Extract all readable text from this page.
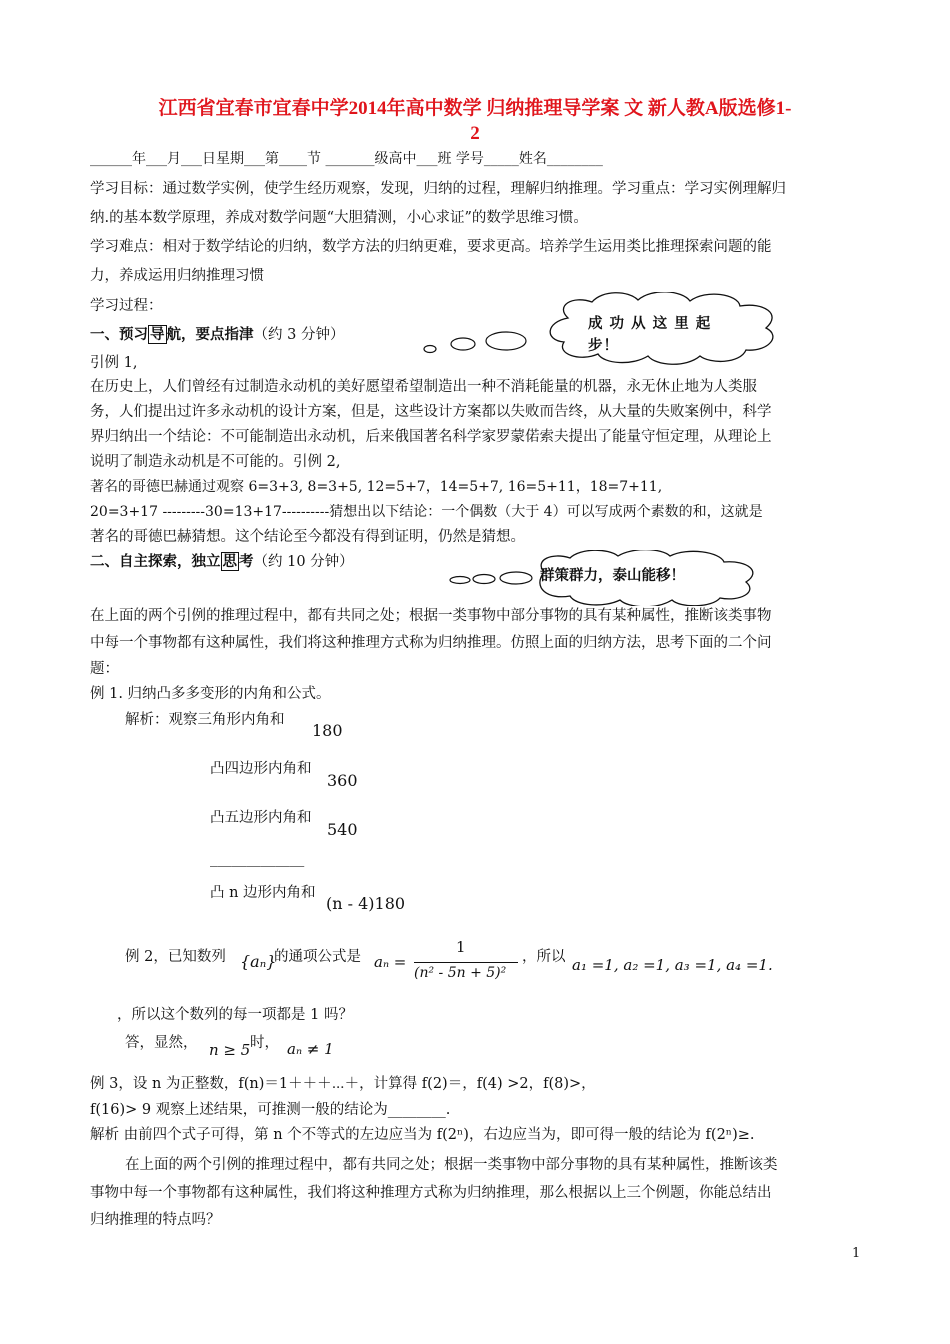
江西省宜春市宜春中学2014年高中数学 归纳推理导学案 文 新人教A版选修1-
2
______年___月___日星期___第____节 _______级高中___班 学号_____姓名________
学习目标：通过数学实例，使学生经历观察，发现，归纳的过程，理解归纳推理。学习重点：学习实例理解归
纳.的基本数学原理，养成对数学问题“大胆猜测，小心求证”的数学思维习惯。
学习难点：相对于数学结论的归纳，数学方法的归纳更难，要求更高。培养学生运用类比推理探索问题的能
力，养成运用归纳推理习惯
学习过程：
一、预习 导 航，要点指津（约 3 分钟）
成 功 从 这 里 起 步！
引例 1,
在历史上，人们曾经有过制造永动机的美好愿望希望制造出一种不消耗能量的机器，永无休止地为人类服
务，人们提出过许多永动机的设计方案，但是，这些设计方案都以失败而告终，从大量的失败案例中，科学
界归纳出一个结论：不可能制造出永动机，后来俄国著名科学家罗蒙偌索夫提出了能量守恒定理，从理论上
说明了制造永动机是不可能的。引例 2,
著名的哥德巴赫通过观察 6=3+3, 8=3+5, 12=5+7，14=5+7, 16=5+11，18=7+11,
20=3+17 ---------30=13+17----------猜想出以下结论：一个偶数（大于 4）可以写成两个素数的和，这就是
著名的哥德巴赫猜想。这个结论至今都没有得到证明，仍然是猜想。
二、自主探索，独立 思 考（约 10 分钟）
群策群力，泰山能移！
在上面的两个引例的推理过程中，都有共同之处；根据一类事物中部分事物的具有某种属性，推断该类事物
中每一个事物都有这种属性，我们将这种推理方式称为归纳推理。仿照上面的归纳方法，思考下面的二个问
题：
例 1. 归纳凸多多变形的内角和公式。
解析：观察三角形内角和
180
凸四边形内角和
360
凸五边形内角和
540
_____________
凸 n 边形内角和
(n - 4)180
例 2，已知数列 {aₙ}
的通项公式是 aₙ =
1
(n² - 5n + 5)²
，所以 a₁ =1, a₂ =1, a₃ =1, a₄ =1.
，所以这个数列的每一项都是 1 吗？
答，显然， n ≥ 5 时， aₙ ≠ 1
例 3，设 n 为正整数，f(n)＝1＋＋＋⋯＋，计算得 f(2)＝，f(4) >2，f(8)>，
f(16)> 9 观察上述结果，可推测一般的结论为________.
解析 由前四个式子可得，第 n 个不等式的左边应当为 f(2ⁿ)，右边应当为，即可得一般的结论为 f(2ⁿ)≥.
在上面的两个引例的推理过程中，都有共同之处；根据一类事物中部分事物的具有某种属性，推断该类
事物中每一个事物都有这种属性，我们将这种推理方式称为归纳推理，那么根据以上三个例题，你能总结出
归纳推理的特点吗？
1
